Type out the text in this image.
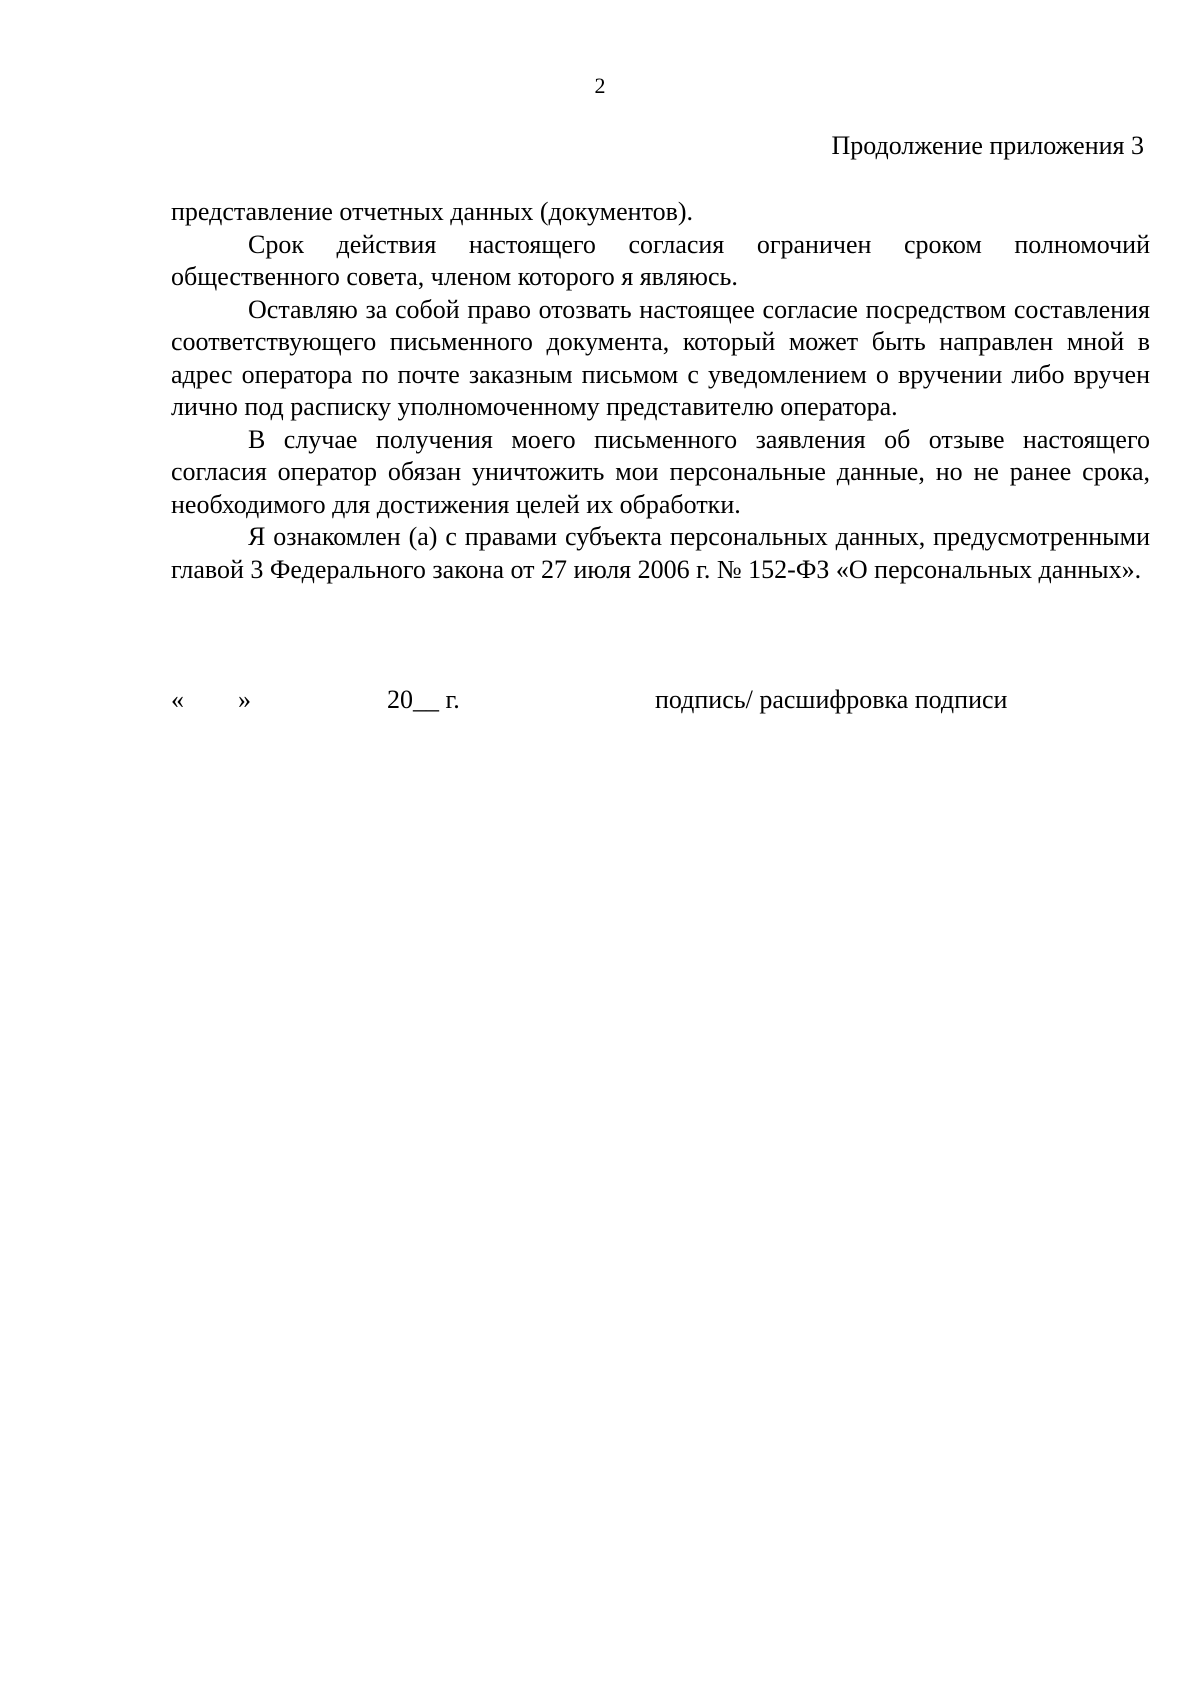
2
Продолжение приложения 3

представление отчетных данных (документов).

Срок действия настоящего согласия ограничен сроком полномочий общественного совета, членом которого я являюсь.

Оставляю за собой право отозвать настоящее согласие посредством составления соответствующего письменного документа, который может быть направлен мной в адрес оператора по почте заказным письмом с уведомлением о вручении либо вручен лично под расписку уполномоченному представителю оператора.

В случае получения моего письменного заявления об отзыве настоящего согласия оператор обязан уничтожить мои персональные данные, но не ранее срока, необходимого для достижения целей их обработки.

Я ознакомлен (а) с правами субъекта персональных данных, предусмотренными главой 3 Федерального закона от 27 июля 2006 г. № 152-ФЗ «О персональных данных».

« »	20__ г.	подпись/ расшифровка подписи
